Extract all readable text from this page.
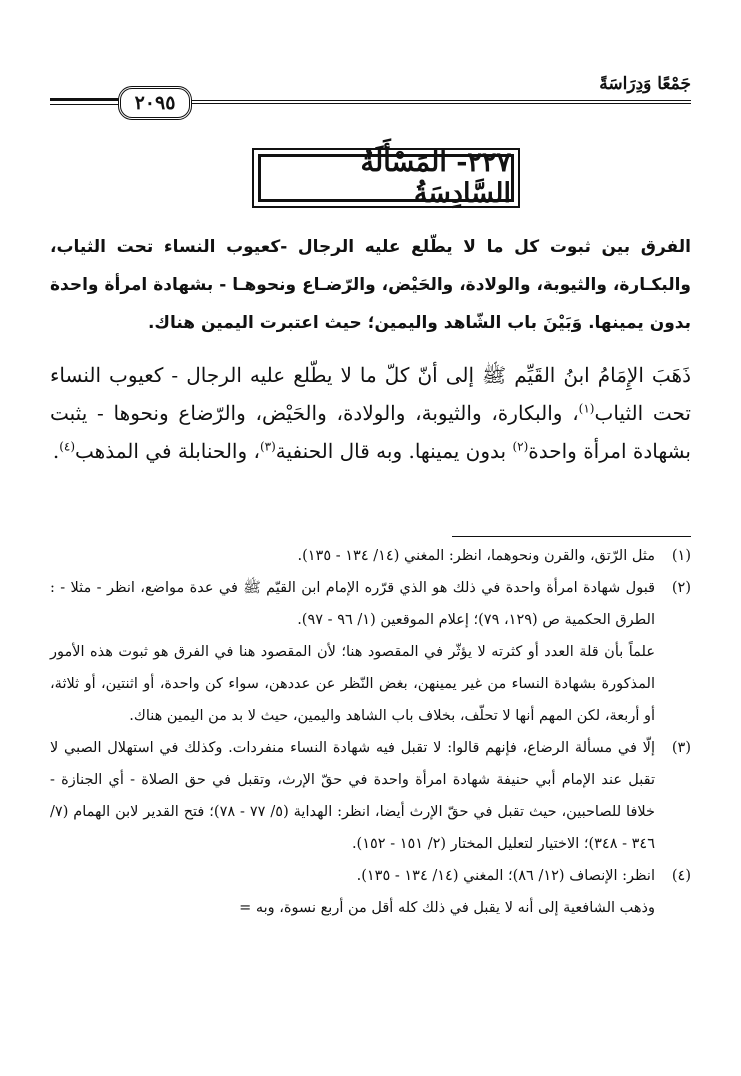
جَمْعًا وَدِرَاسَةً
٢٠٩٥
٢٢٧- المَسْأَلَةُ السَّادِسَةُ
الفرق بين ثبوت كل ما لا يطّلع عليه الرجال -كعيوب النساء تحت الثياب، والبكـارة، والثيوبة، والولادة، والحَيْض، والرّضـاع ونحوهـا - بشهادة امرأة واحدة بدون يمينها. وَبَيْنَ باب الشّاهد واليمين؛ حيث اعتبرت اليمين هناك.
ذَهَبَ الإِمَامُ ابنُ القَيِّم ﷺ إلى أنّ كلّ ما لا يطّلع عليه الرجال - كعيوب النساء تحت الثياب$^{(١)}$، والبكارة، والثيوبة، والولادة، والحَيْض، والرّضاع ونحوها - يثبت بشهادة امرأة واحدة$^{(٢)}$ بدون يمينها. وبه قال الحنفية$^{(٣)}$، والحنابلة في المذهب$^{(٤)}$.
(١)
مثل الرّتق، والقرن ونحوهما، انظر: المغني (١٤/ ١٣٤ - ١٣٥).
(٢)
قبول شهادة امرأة واحدة في ذلك هو الذي قرّره الإمام ابن القيّم ﷺ في عدة مواضع، انظر - مثلا - : الطرق الحكمية ص (١٢٩، ٧٩)؛ إعلام الموقعين (١/ ٩٦ - ٩٧).
علماً بأن قلة العدد أو كثرته لا يؤثّر في المقصود هنا؛ لأن المقصود هنا في الفرق هو ثبوت هذه الأمور المذكورة بشهادة النساء من غير يمينهن، بغض النّظر عن عددهن، سواء كن واحدة، أو اثنتين، أو ثلاثة، أو أربعة، لكن المهم أنها لا تحلّف، بخلاف باب الشاهد واليمين، حيث لا بد من اليمين هناك.
(٣)
إلّا في مسألة الرضاع، فإنهم قالوا: لا تقبل فيه شهادة النساء منفردات. وكذلك في استهلال الصبي لا تقبل عند الإمام أبي حنيفة شهادة امرأة واحدة في حقّ الإرث، وتقبل في حق الصلاة - أي الجنازة - خلافا للصاحبين، حيث تقبل في حقّ الإرث أيضا، انظر: الهداية (٥/ ٧٧ - ٧٨)؛ فتح القدير لابن الهمام (٧/ ٣٤٦ - ٣٤٨)؛ الاختيار لتعليل المختار (٢/ ١٥١ - ١٥٢).
(٤)
انظر: الإنصاف (١٢/ ٨٦)؛ المغني (١٤/ ١٣٤ - ١٣٥).
وذهب الشافعية إلى أنه لا يقبل في ذلك كله أقل من أربع نسوة، وبه =
